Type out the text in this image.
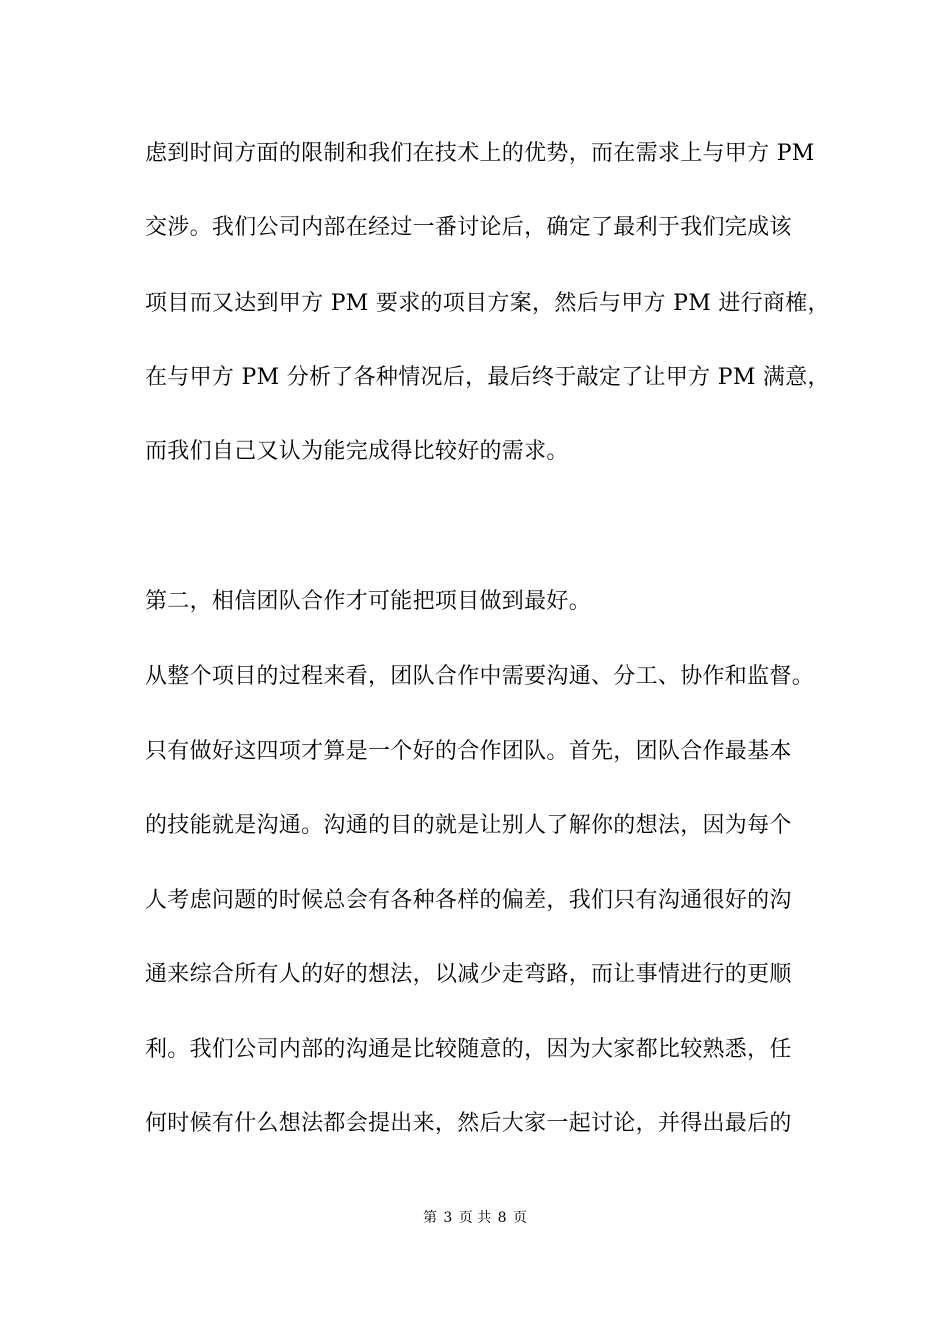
虑到时间方面的限制和我们在技术上的优势，而在需求上与甲方 PM
交涉。我们公司内部在经过一番讨论后，确定了最利于我们完成该
项目而又达到甲方 PM 要求的项目方案，然后与甲方 PM 进行商榷，
在与甲方 PM 分析了各种情况后，最后终于敲定了让甲方 PM 满意，
而我们自己又认为能完成得比较好的需求。
第二，相信团队合作才可能把项目做到最好。
从整个项目的过程来看，团队合作中需要沟通、分工、协作和监督。
只有做好这四项才算是一个好的合作团队。首先，团队合作最基本
的技能就是沟通。沟通的目的就是让别人了解你的想法，因为每个
人考虑问题的时候总会有各种各样的偏差，我们只有沟通很好的沟
通来综合所有人的好的想法，以减少走弯路，而让事情进行的更顺
利。我们公司内部的沟通是比较随意的，因为大家都比较熟悉，任
何时候有什么想法都会提出来，然后大家一起讨论，并得出最后的
第 3 页 共 8 页
